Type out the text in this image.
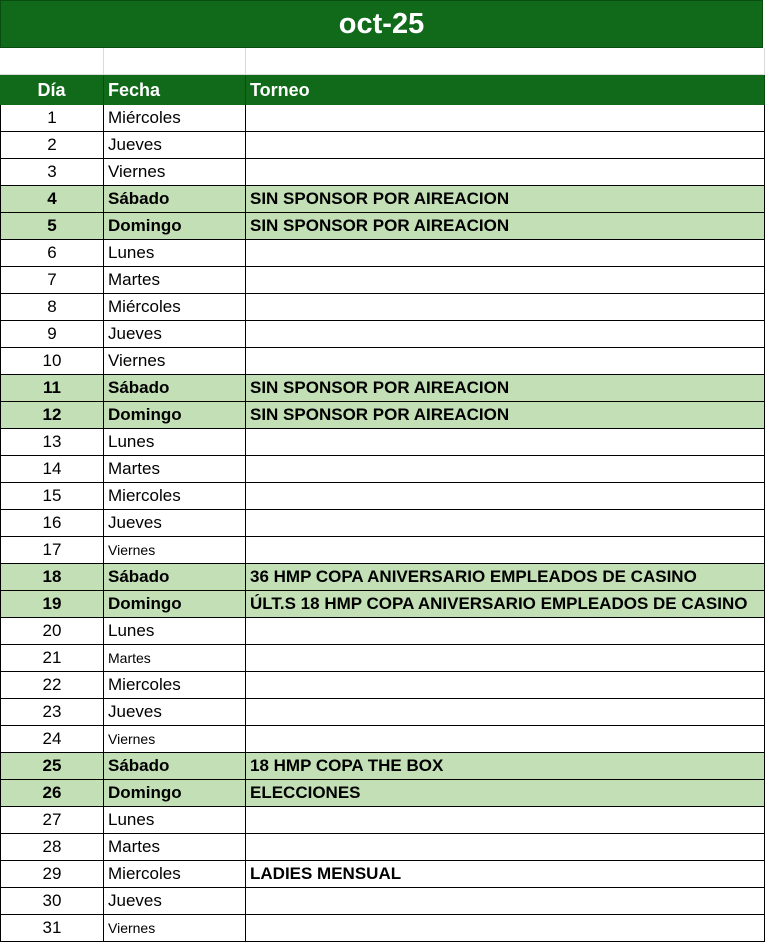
oct-25
Día	Fecha	Torneo
1	Miércoles
2	Jueves
3	Viernes
4	Sábado	SIN SPONSOR POR AIREACION
5	Domingo	SIN SPONSOR POR AIREACION
6	Lunes
7	Martes
8	Miércoles
9	Jueves
10	Viernes
11	Sábado	SIN SPONSOR POR AIREACION
12	Domingo	SIN SPONSOR POR AIREACION
13	Lunes
14	Martes
15	Miercoles
16	Jueves
17	Viernes
18	Sábado	36 HMP COPA ANIVERSARIO EMPLEADOS DE CASINO
19	Domingo	ÚLT.S 18 HMP COPA ANIVERSARIO EMPLEADOS DE CASINO
20	Lunes
21	Martes
22	Miercoles
23	Jueves
24	Viernes
25	Sábado	18 HMP COPA THE BOX
26	Domingo	ELECCIONES
27	Lunes
28	Martes
29	Miercoles	LADIES MENSUAL
30	Jueves
31	Viernes
